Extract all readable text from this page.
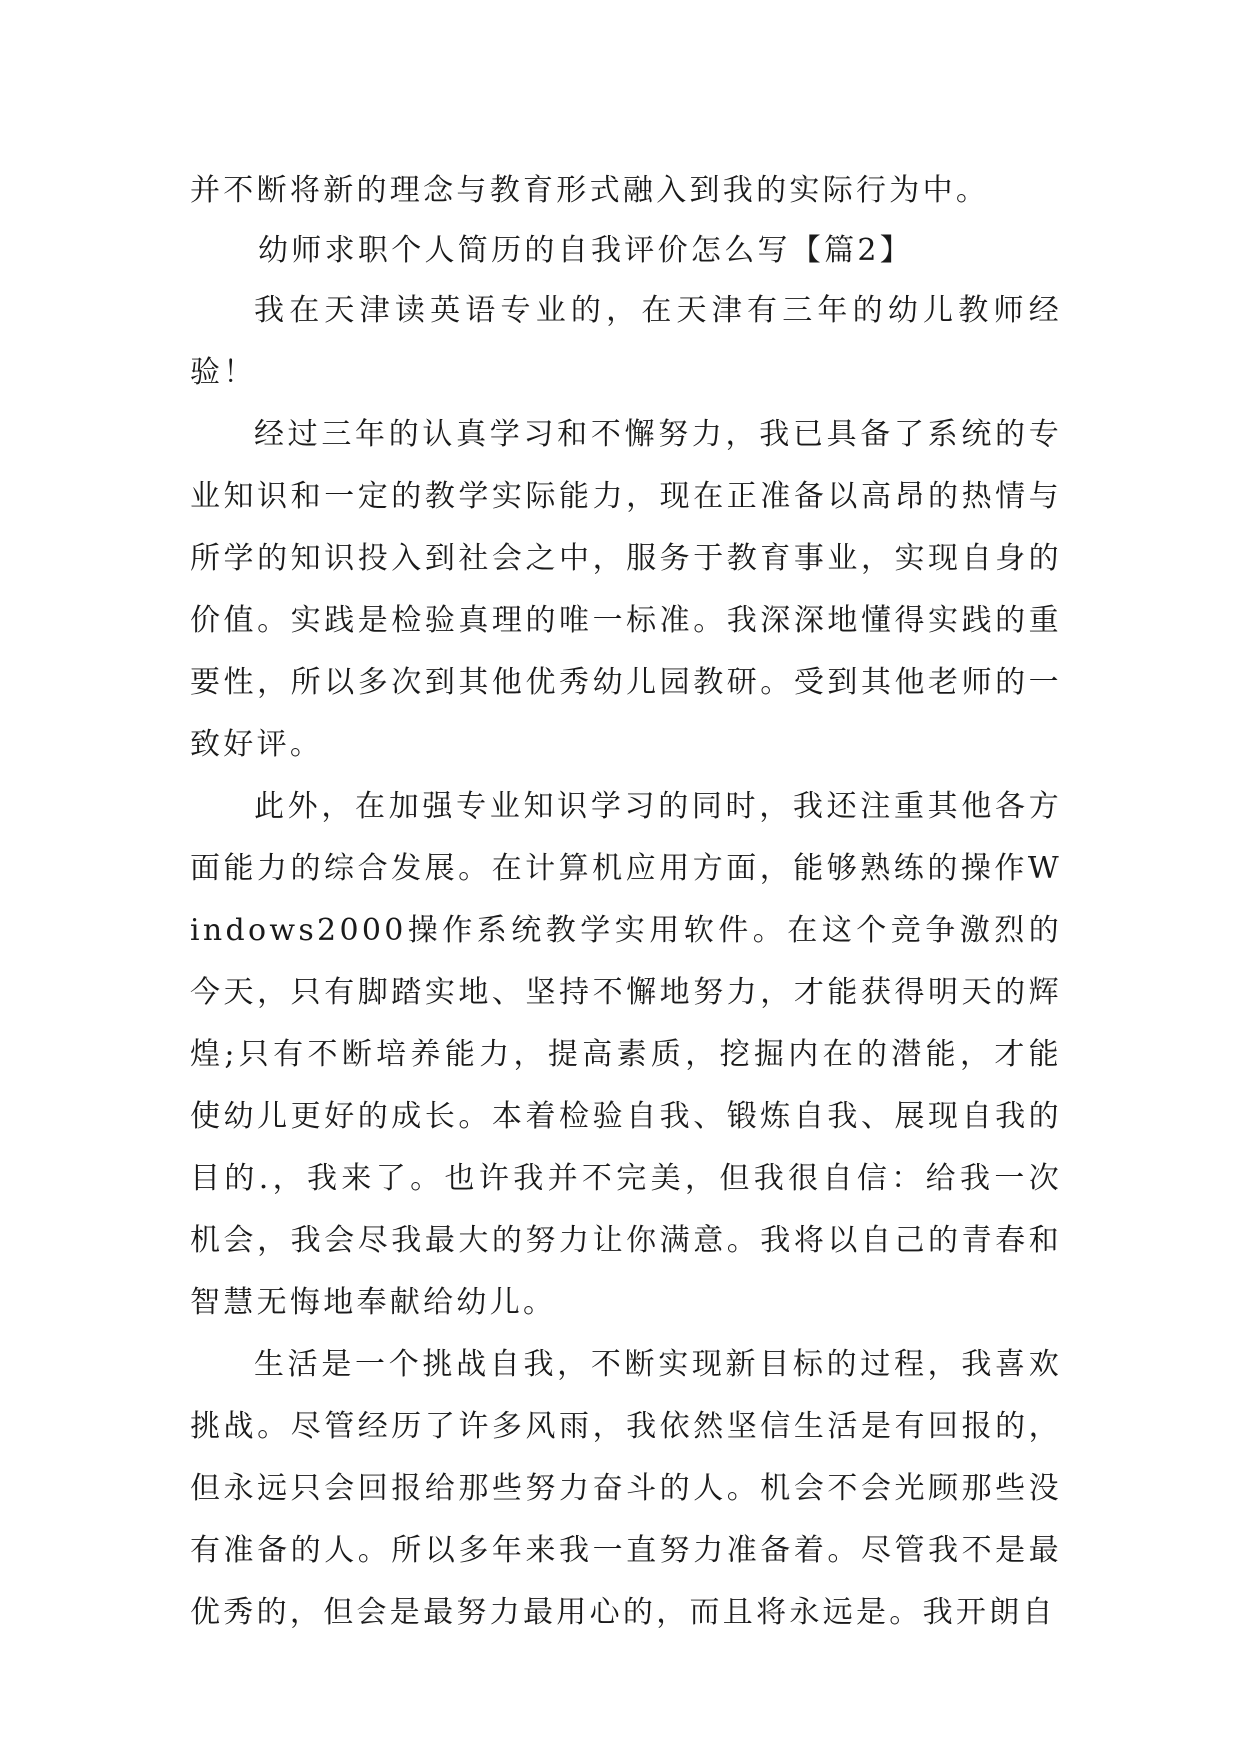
并不断将新的理念与教育形式融入到我的实际行为中。

幼师求职个人简历的自我评价怎么写【篇2】

我在天津读英语专业的，在天津有三年的幼儿教师经验！

经过三年的认真学习和不懈努力，我已具备了系统的专业知识和一定的教学实际能力，现在正准备以高昂的热情与所学的知识投入到社会之中，服务于教育事业，实现自身的价值。实践是检验真理的唯一标准。我深深地懂得实践的重要性，所以多次到其他优秀幼儿园教研。受到其他老师的一致好评。

此外，在加强专业知识学习的同时，我还注重其他各方面能力的综合发展。在计算机应用方面，能够熟练的操作Windows2000操作系统教学实用软件。在这个竞争激烈的今天，只有脚踏实地、坚持不懈地努力，才能获得明天的辉煌;只有不断培养能力，提高素质，挖掘内在的潜能，才能使幼儿更好的成长。本着检验自我、锻炼自我、展现自我的目的.，我来了。也许我并不完美，但我很自信：给我一次机会，我会尽我最大的努力让你满意。我将以自己的青春和智慧无悔地奉献给幼儿。

生活是一个挑战自我，不断实现新目标的过程，我喜欢挑战。尽管经历了许多风雨，我依然坚信生活是有回报的，但永远只会回报给那些努力奋斗的人。机会不会光顾那些没有准备的人。所以多年来我一直努力准备着。尽管我不是最优秀的，但会是最努力最用心的，而且将永远是。我开朗自
